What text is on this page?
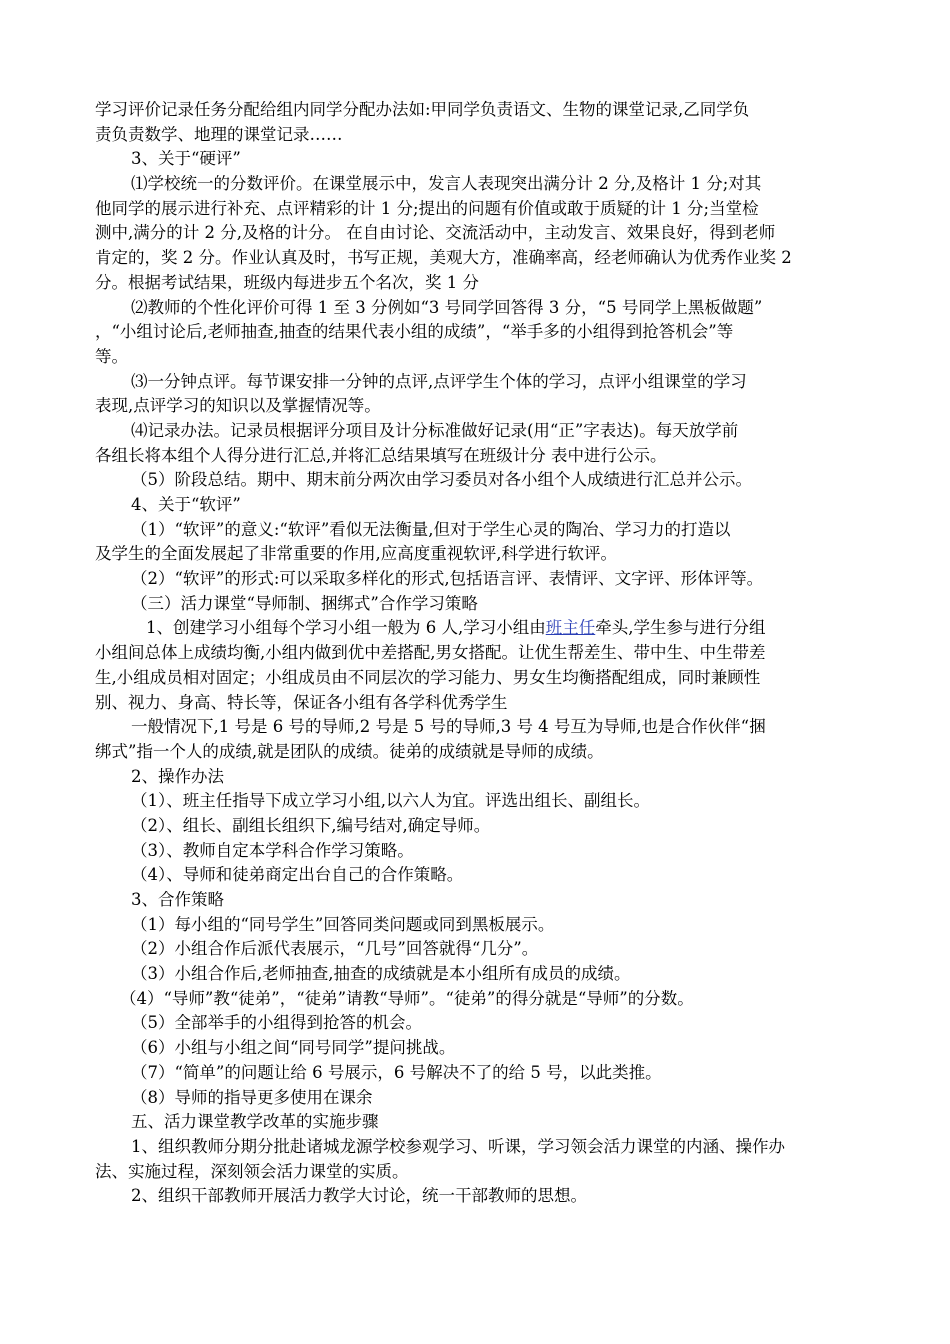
学习评价记录任务分配给组内同学分配办法如:甲同学负责语文、生物的课堂记录,乙同学负
责负责数学、地理的课堂记录……
3、关于“硬评”
⑴学校统一的分数评价。在课堂展示中，发言人表现突出满分计 2 分,及格计 1 分;对其
他同学的展示进行补充、点评精彩的计 1 分;提出的问题有价值或敢于质疑的计 1 分;当堂检
测中,满分的计 2 分,及格的计分。 在自由讨论、交流活动中，主动发言、效果良好，得到老师
肯定的，奖 2 分。作业认真及时，书写正规，美观大方，准确率高，经老师确认为优秀作业奖 2
分。根据考试结果，班级内每进步五个名次，奖 1 分
⑵教师的个性化评价可得 1 至 3 分例如“3 号同学回答得 3 分，“5 号同学上黑板做题”
，“小组讨论后,老师抽查,抽查的结果代表小组的成绩”，“举手多的小组得到抢答机会”等
等。
⑶一分钟点评。每节课安排一分钟的点评,点评学生个体的学习，点评小组课堂的学习
表现,点评学习的知识以及掌握情况等。
⑷记录办法。记录员根据评分项目及计分标准做好记录(用“正”字表达)。每天放学前
各组长将本组个人得分进行汇总,并将汇总结果填写在班级计分 表中进行公示。
（5）阶段总结。期中、期末前分两次由学习委员对各小组个人成绩进行汇总并公示。
4、关于“软评”
（1）“软评”的意义:“软评”看似无法衡量,但对于学生心灵的陶冶、学习力的打造以
及学生的全面发展起了非常重要的作用,应高度重视软评,科学进行软评。
（2）“软评”的形式:可以采取多样化的形式,包括语言评、表情评、文字评、形体评等。
（三）活力课堂“导师制、捆绑式”合作学习策略
1、创建学习小组每个学习小组一般为 6 人,学习小组由班主任牵头,学生参与进行分组
小组间总体上成绩均衡,小组内做到优中差搭配,男女搭配。让优生帮差生、带中生、中生带差
生,小组成员相对固定；小组成员由不同层次的学习能力、男女生均衡搭配组成，同时兼顾性
别、视力、身高、特长等，保证各小组有各学科优秀学生
一般情况下,1 号是 6 号的导师,2 号是 5 号的导师,3 号 4 号互为导师,也是合作伙伴“捆
绑式”指一个人的成绩,就是团队的成绩。徒弟的成绩就是导师的成绩。
2、操作办法
（1）、班主任指导下成立学习小组,以六人为宜。评选出组长、副组长。
（2）、组长、副组长组织下,编号结对,确定导师。
（3）、教师自定本学科合作学习策略。
（4）、导师和徒弟商定出台自己的合作策略。
3、合作策略
（1）每小组的“同号学生”回答同类问题或同到黑板展示。
（2）小组合作后派代表展示，“几号”回答就得“几分”。
（3）小组合作后,老师抽查,抽查的成绩就是本小组所有成员的成绩。
（4）“导师”教“徒弟”，“徒弟”请教“导师”。“徒弟”的得分就是“导师”的分数。
（5）全部举手的小组得到抢答的机会。
（6）小组与小组之间“同号同学”提问挑战。
（7）“简单”的问题让给 6 号展示，6 号解决不了的给 5 号，以此类推。
（8）导师的指导更多使用在课余
五、活力课堂教学改革的实施步骤
1、组织教师分期分批赴诸城龙源学校参观学习、听课，学习领会活力课堂的内涵、操作办
法、实施过程，深刻领会活力课堂的实质。
2、组织干部教师开展活力教学大讨论，统一干部教师的思想。
